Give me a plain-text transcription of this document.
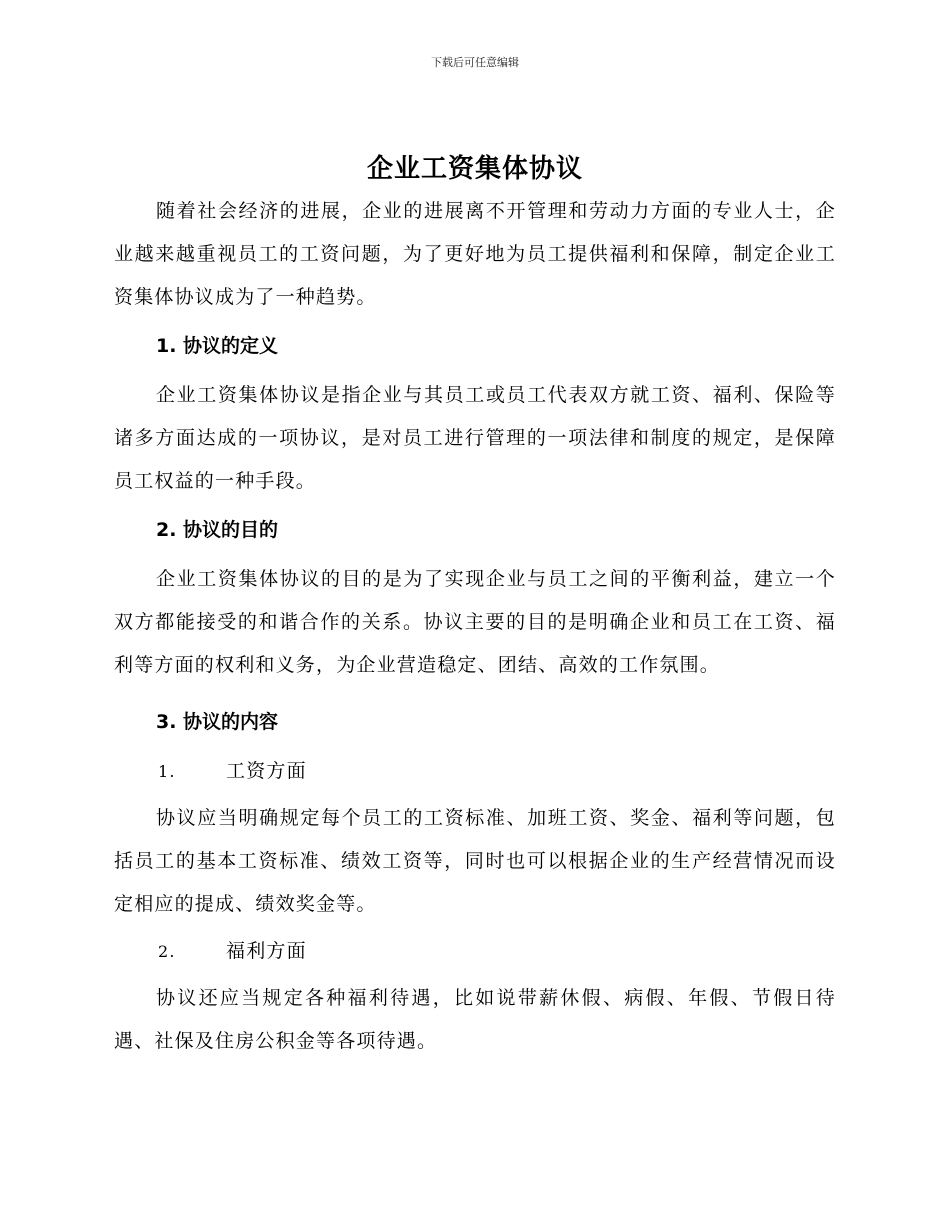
下载后可任意编辑
企业工资集体协议

随着社会经济的进展，企业的进展离不开管理和劳动力方面的专业人士，企业越来越重视员工的工资问题，为了更好地为员工提供福利和保障，制定企业工资集体协议成为了一种趋势。

1. 协议的定义

企业工资集体协议是指企业与其员工或员工代表双方就工资、福利、保险等诸多方面达成的一项协议，是对员工进行管理的一项法律和制度的规定，是保障员工权益的一种手段。

2. 协议的目的

企业工资集体协议的目的是为了实现企业与员工之间的平衡利益，建立一个双方都能接受的和谐合作的关系。协议主要的目的是明确企业和员工在工资、福利等方面的权利和义务，为企业营造稳定、团结、高效的工作氛围。

3. 协议的内容
1.	工资方面

协议应当明确规定每个员工的工资标准、加班工资、奖金、福利等问题，包括员工的基本工资标准、绩效工资等，同时也可以根据企业的生产经营情况而设定相应的提成、绩效奖金等。

2.	福利方面

协议还应当规定各种福利待遇，比如说带薪休假、病假、年假、节假日待遇、社保及住房公积金等各项待遇。
